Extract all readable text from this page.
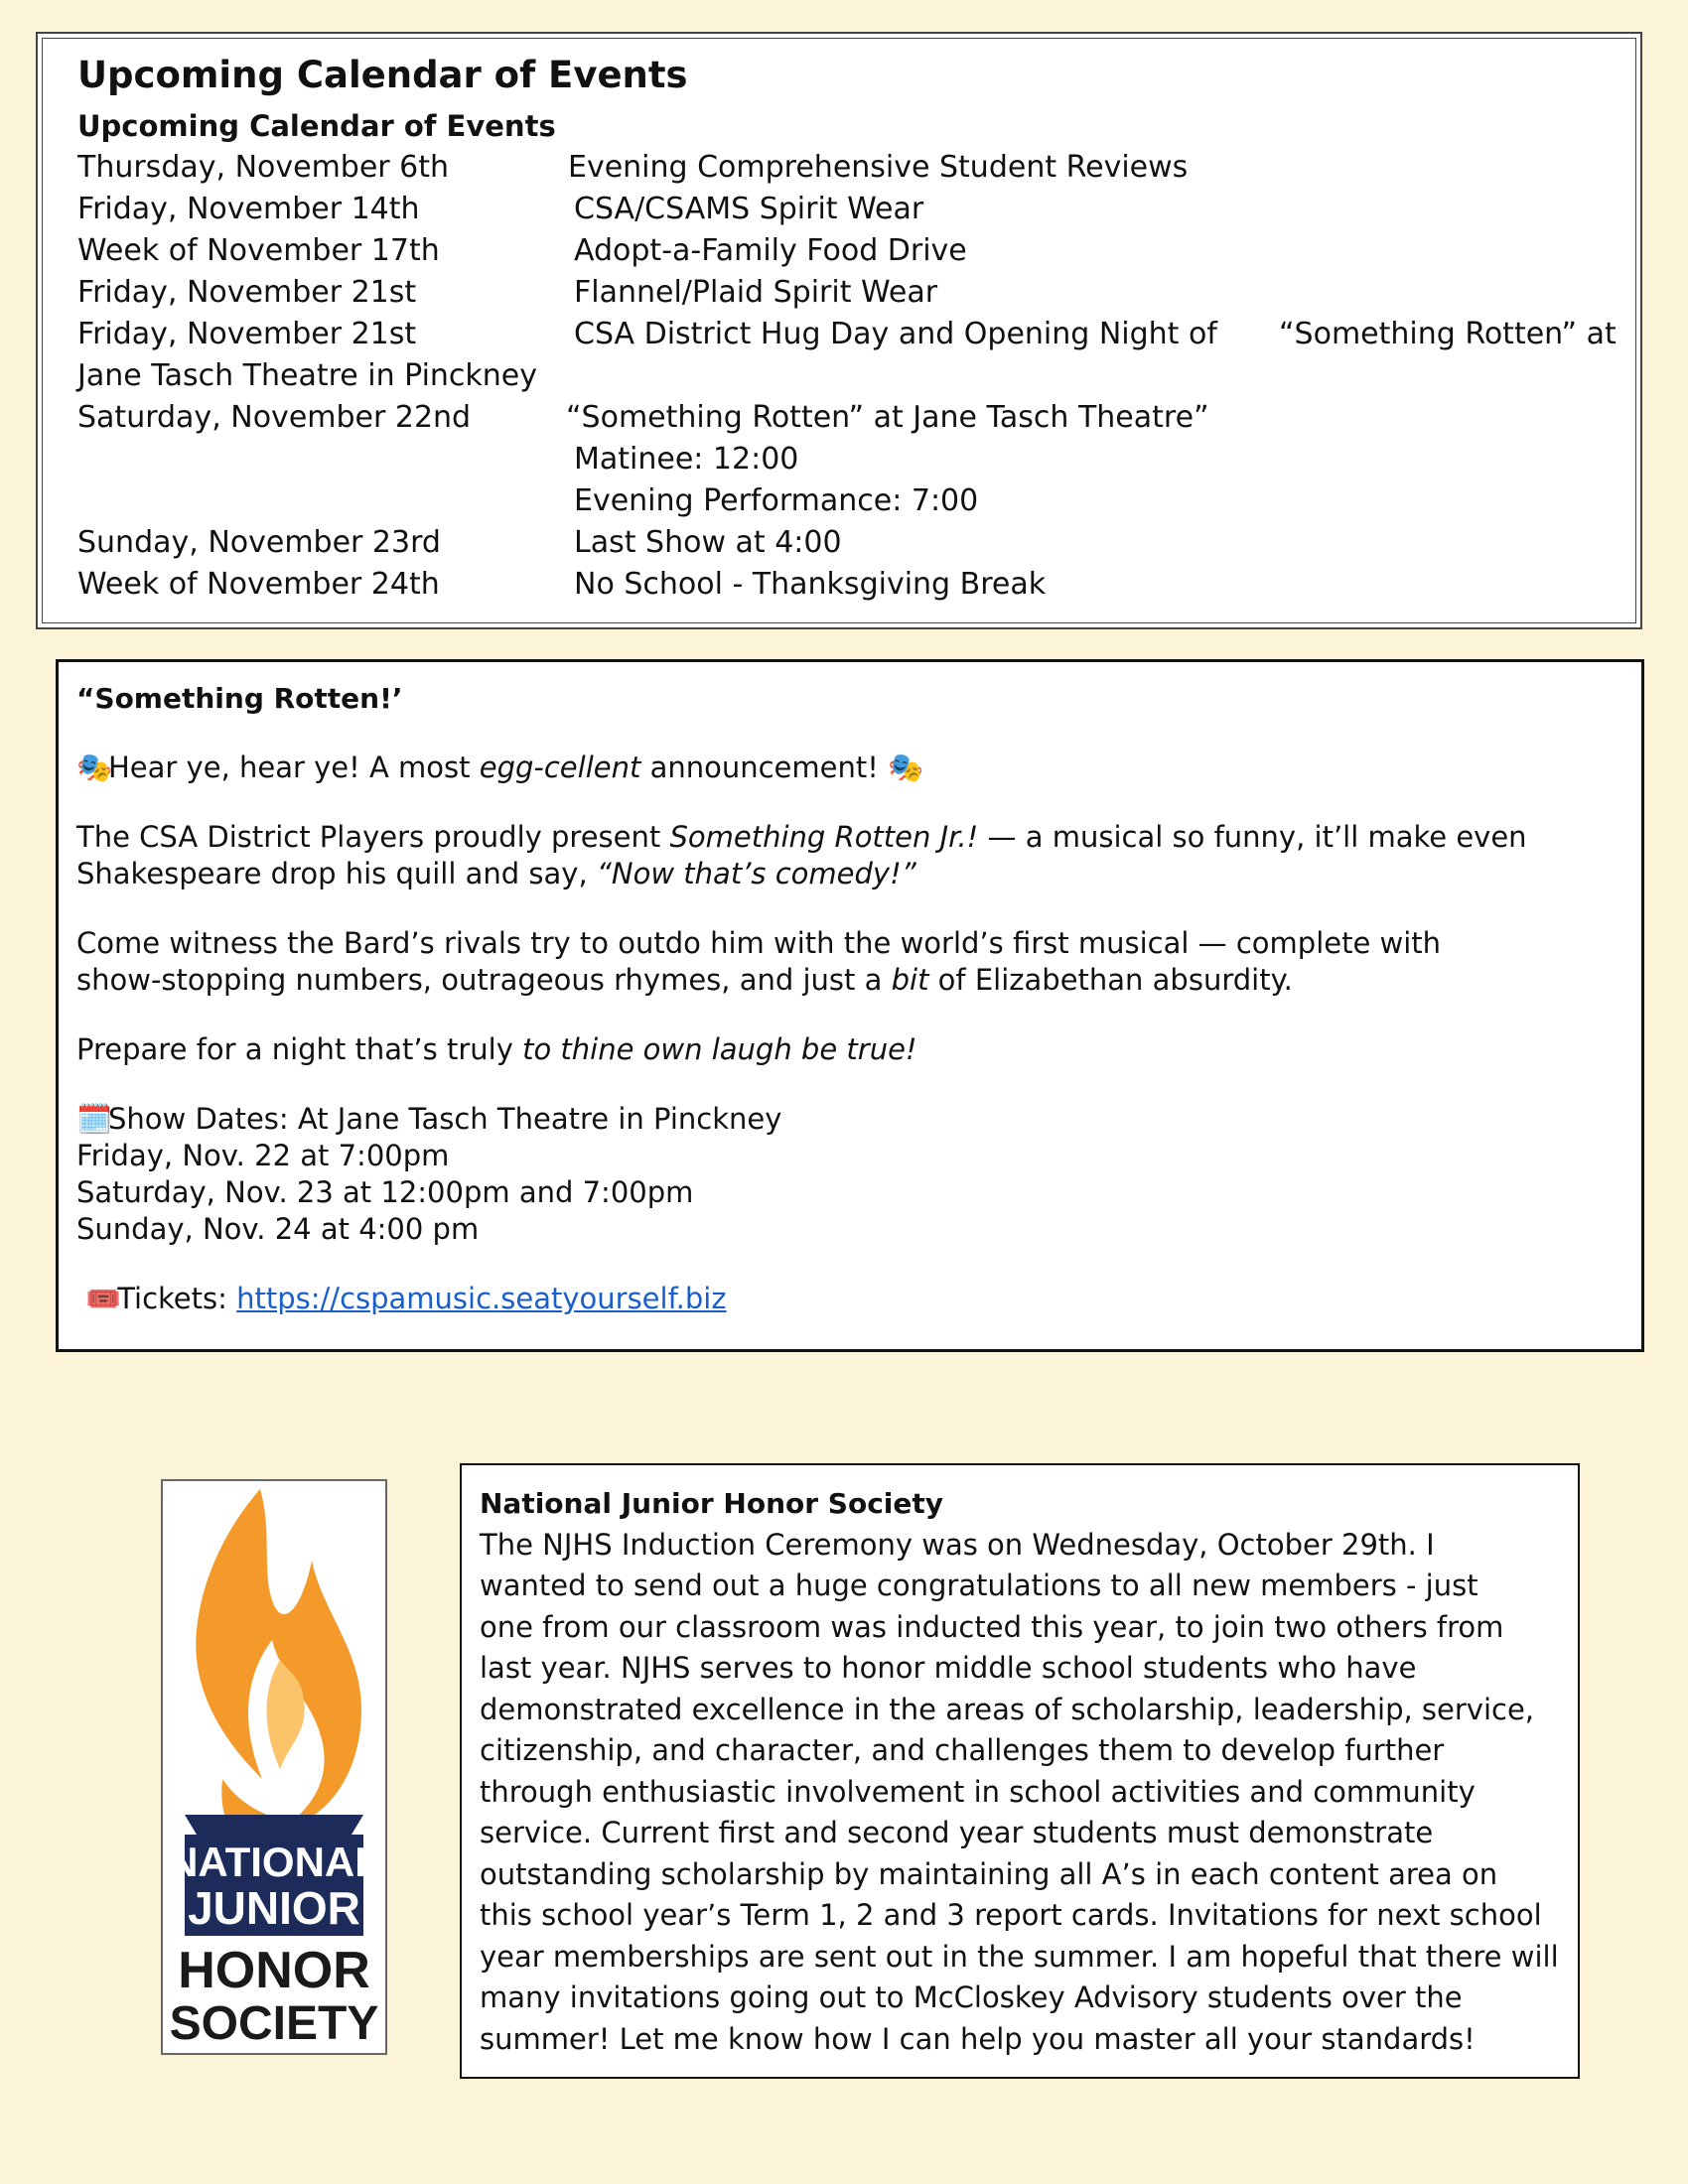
Upcoming Calendar of Events
Upcoming Calendar of Events
Thursday, November 6th	Evening Comprehensive Student Reviews
Friday, November 14th	CSA/CSAMS Spirit Wear
Week of November 17th	Adopt-a-Family Food Drive
Friday, November 21st	Flannel/Plaid Spirit Wear
Friday, November 21st	CSA District Hug Day and Opening Night of “Something Rotten” at
Jane Tasch Theatre in Pinckney
Saturday, November 22nd	“Something Rotten” at Jane Tasch Theatre”
Matinee: 12:00
Evening Performance: 7:00
Sunday, November 23rd	Last Show at 4:00
Week of November 24th	No School - Thanksgiving Break

“Something Rotten!’

🎭Hear ye, hear ye! A most egg-cellent announcement! 🎭

The CSA District Players proudly present Something Rotten Jr.! — a musical so funny, it’ll make even

Shakespeare drop his quill and say, “Now that’s comedy!”

Come witness the Bard’s rivals try to outdo him with the world’s first musical — complete with

show-stopping numbers, outrageous rhymes, and just a bit of Elizabethan absurdity.

Prepare for a night that’s truly to thine own laugh be true!

🗓️Show Dates: At Jane Tasch Theatre in Pinckney

Friday, Nov. 22 at 7:00pm

Saturday, Nov. 23 at 12:00pm and 7:00pm

Sunday, Nov. 24 at 4:00 pm

🎟️Tickets: https://cspamusic.seatyourself.biz

NATIONAL
JUNIOR
HONOR
SOCIETY
National Junior Honor Society
The NJHS Induction Ceremony was on Wednesday, October 29th. I
wanted to send out a huge congratulations to all new members - just
one from our classroom was inducted this year, to join two others from
last year. NJHS serves to honor middle school students who have
demonstrated excellence in the areas of scholarship, leadership, service,
citizenship, and character, and challenges them to develop further
through enthusiastic involvement in school activities and community
service. Current first and second year students must demonstrate
outstanding scholarship by maintaining all A’s in each content area on
this school year’s Term 1, 2 and 3 report cards. Invitations for next school
year memberships are sent out in the summer. I am hopeful that there will
many invitations going out to McCloskey Advisory students over the
summer! Let me know how I can help you master all your standards!
